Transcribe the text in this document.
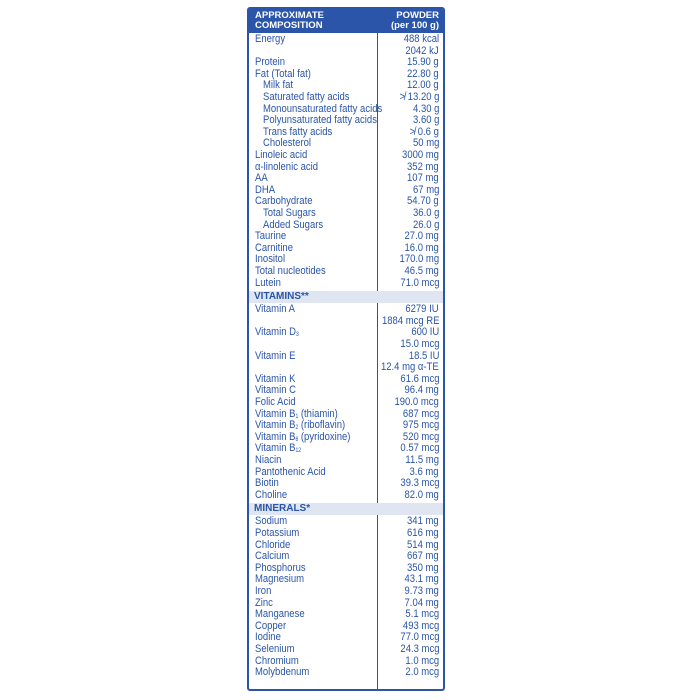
APPROXIMATE
COMPOSITION
POWDER
(per 100 g)
Energy	488 kcal
2042 kJ
Protein	15.90 g
Fat (Total fat)	22.80 g
Milk fat	12.00 g
Saturated fatty acids	≯ 13.20 g
Monounsaturated fatty acids	4.30 g
Polyunsaturated fatty acids	3.60 g
Trans fatty acids	≯ 0.6 g
Cholesterol	50 mg
Linoleic acid	3000 mg
α-linolenic acid	352 mg
AA	107 mg
DHA	67 mg
Carbohydrate	54.70 g
Total Sugars	36.0 g
Added Sugars	26.0 g
Taurine	27.0 mg
Carnitine	16.0 mg
Inositol	170.0 mg
Total nucleotides	46.5 mg
Lutein	71.0 mcg
VITAMINS**
Vitamin A	6279 IU
1884 mcg RE
Vitamin $D_3$	600 IU
15.0 mcg
Vitamin E	18.5 IU
12.4 mg α-TE
Vitamin K	61.6 mcg
Vitamin C	96.4 mg
Folic Acid	190.0 mcg
Vitamin $B_1$ (thiamin)	687 mcg
Vitamin $B_2$ (riboflavin)	975 mcg
Vitamin $B_6$ (pyridoxine)	520 mcg
Vitamin $B_{12}$	0.57 mcg
Niacin	11.5 mg
Pantothenic Acid	3.6 mg
Biotin	39.3 mcg
Choline	82.0 mg
MINERALS*
Sodium	341 mg
Potassium	616 mg
Chloride	514 mg
Calcium	667 mg
Phosphorus	350 mg
Magnesium	43.1 mg
Iron	9.73 mg
Zinc	7.04 mg
Manganese	5.1 mcg
Copper	493 mcg
Iodine	77.0 mcg
Selenium	24.3 mcg
Chromium	1.0 mcg
Molybdenum	2.0 mcg
